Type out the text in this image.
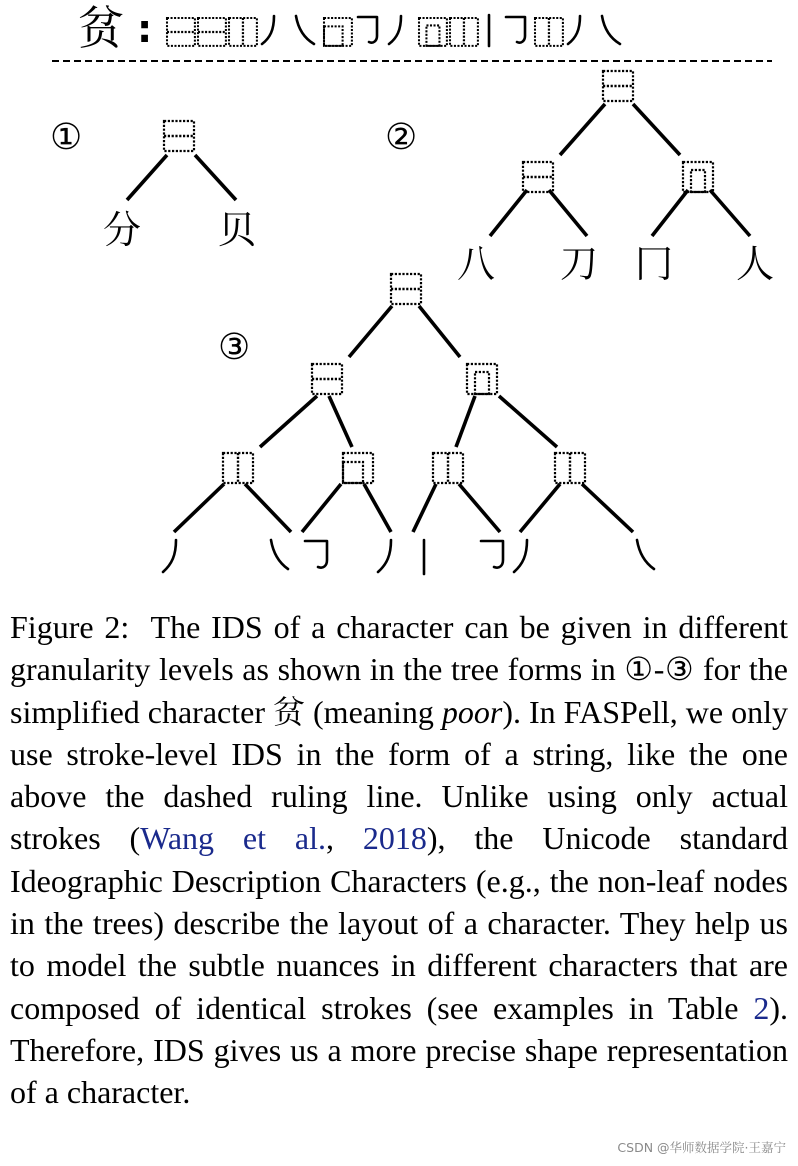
贫 :
①	②
③
分 贝
八 刀 冂 人

Figure 2: The IDS of a character can be given in different granularity levels as shown in the tree forms in ①-③ for the simplified character 贫 (meaning poor). In FASPell, we only use stroke-level IDS in the form of a string, like the one above the dashed ruling line. Unlike using only actual strokes (Wang et al., 2018), the Unicode standard Ideographic Description Characters (e.g., the non-leaf nodes in the trees) describe the layout of a character. They help us to model the subtle nuances in different characters that are composed of identical strokes (see examples in Table 2). Therefore, IDS gives us a more precise shape representation of a character.

CSDN @华师数据学院·王嘉宁
